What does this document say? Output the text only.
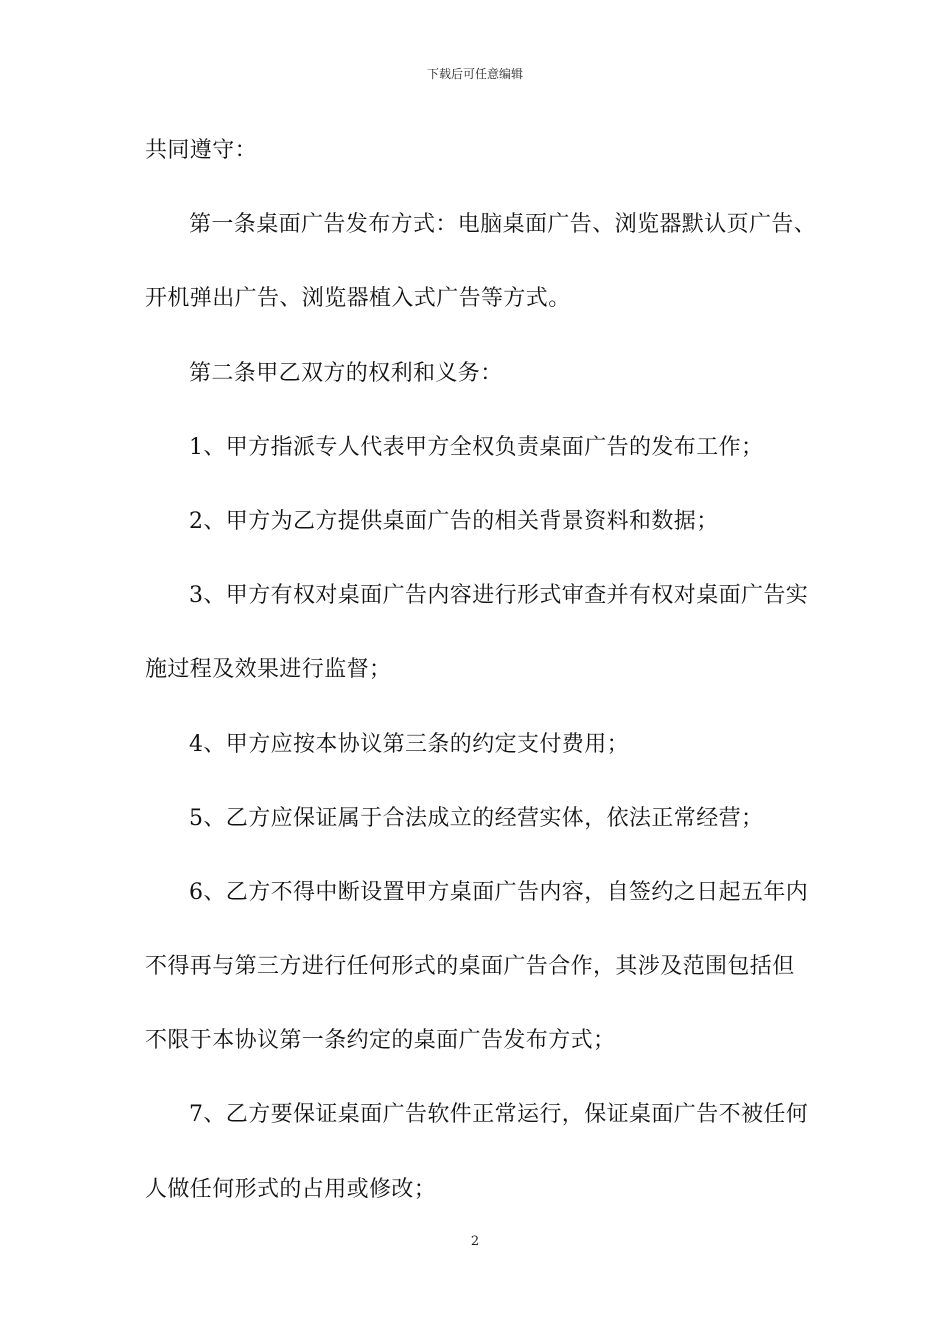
下载后可任意编辑
共同遵守：
第一条桌面广告发布方式：电脑桌面广告、浏览器默认页广告、
开机弹出广告、浏览器植入式广告等方式。
第二条甲乙双方的权利和义务：
1、甲方指派专人代表甲方全权负责桌面广告的发布工作；
2、甲方为乙方提供桌面广告的相关背景资料和数据；
3、甲方有权对桌面广告内容进行形式审查并有权对桌面广告实
施过程及效果进行监督；
4、甲方应按本协议第三条的约定支付费用；
5、乙方应保证属于合法成立的经营实体，依法正常经营；
6、乙方不得中断设置甲方桌面广告内容，自签约之日起五年内
不得再与第三方进行任何形式的桌面广告合作，其涉及范围包括但
不限于本协议第一条约定的桌面广告发布方式；
7、乙方要保证桌面广告软件正常运行，保证桌面广告不被任何
人做任何形式的占用或修改；
2
